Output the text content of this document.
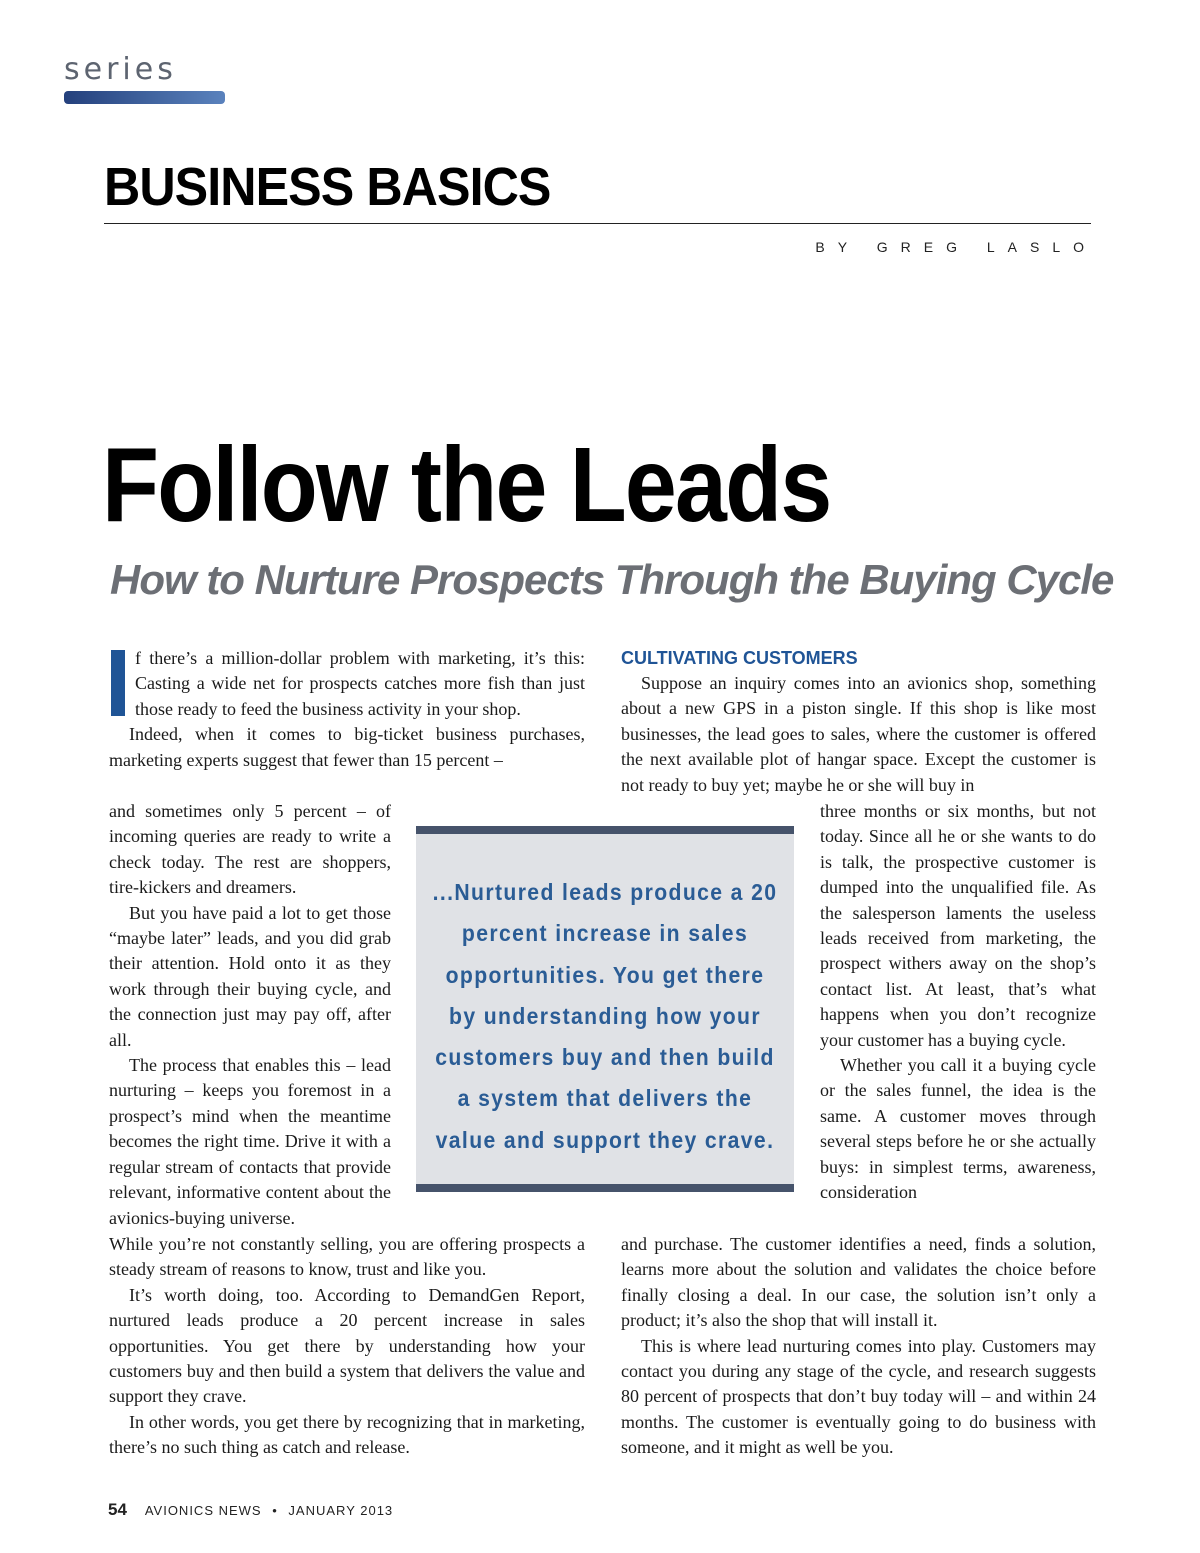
series
BUSINESS BASICS
BY GREG LASLO
Follow the Leads
How to Nurture Prospects Through the Buying Cycle

f there’s a million-dollar problem with marketing, it’s this: Casting a wide net for prospects catches more fish than just those ready to feed the business activity in your shop.

Indeed, when it comes to big-ticket business purchases, marketing experts suggest that fewer than 15 percent –

and sometimes only 5 percent – of incoming queries are ready to write a check today. The rest are shoppers, tire-kickers and dreamers.

But you have paid a lot to get those “maybe later” leads, and you did grab their attention. Hold onto it as they work through their buying cycle, and the connection just may pay off, after all.

The process that enables this – lead nurturing – keeps you foremost in a prospect’s mind when the meantime becomes the right time. Drive it with a regular stream of contacts that provide relevant, informative content about the avionics-buying universe.

While you’re not constantly selling, you are offering prospects a steady stream of reasons to know, trust and like you.

It’s worth doing, too. According to DemandGen Report, nurtured leads produce a 20 percent increase in sales opportunities. You get there by understanding how your customers buy and then build a system that delivers the value and support they crave.

In other words, you get there by recognizing that in marketing, there’s no such thing as catch and release.

...Nurtured leads produce a 20 percent increase in sales opportunities. You get there by understanding how your customers buy and then build a system that delivers the value and support they crave.
CULTIVATING CUSTOMERS

Suppose an inquiry comes into an avionics shop, something about a new GPS in a piston single. If this shop is like most businesses, the lead goes to sales, where the customer is offered the next available plot of hangar space. Except the customer is not ready to buy yet; maybe he or she will buy in

three months or six months, but not today. Since all he or she wants to do is talk, the prospective customer is dumped into the unqualified file. As the salesperson laments the useless leads received from marketing, the prospect withers away on the shop’s contact list. At least, that’s what happens when you don’t recognize your customer has a buying cycle.

Whether you call it a buying cycle or the sales funnel, the idea is the same. A customer moves through several steps before he or she actually buys: in simplest terms, awareness, consideration

and purchase. The customer identifies a need, finds a solution, learns more about the solution and validates the choice before finally closing a deal. In our case, the solution isn’t only a product; it’s also the shop that will install it.

This is where lead nurturing comes into play. Customers may contact you during any stage of the cycle, and research suggests 80 percent of prospects that don’t buy today will – and within 24 months. The customer is eventually going to do business with someone, and it might as well be you.

54 AVIONICS NEWS • JANUARY 2013
